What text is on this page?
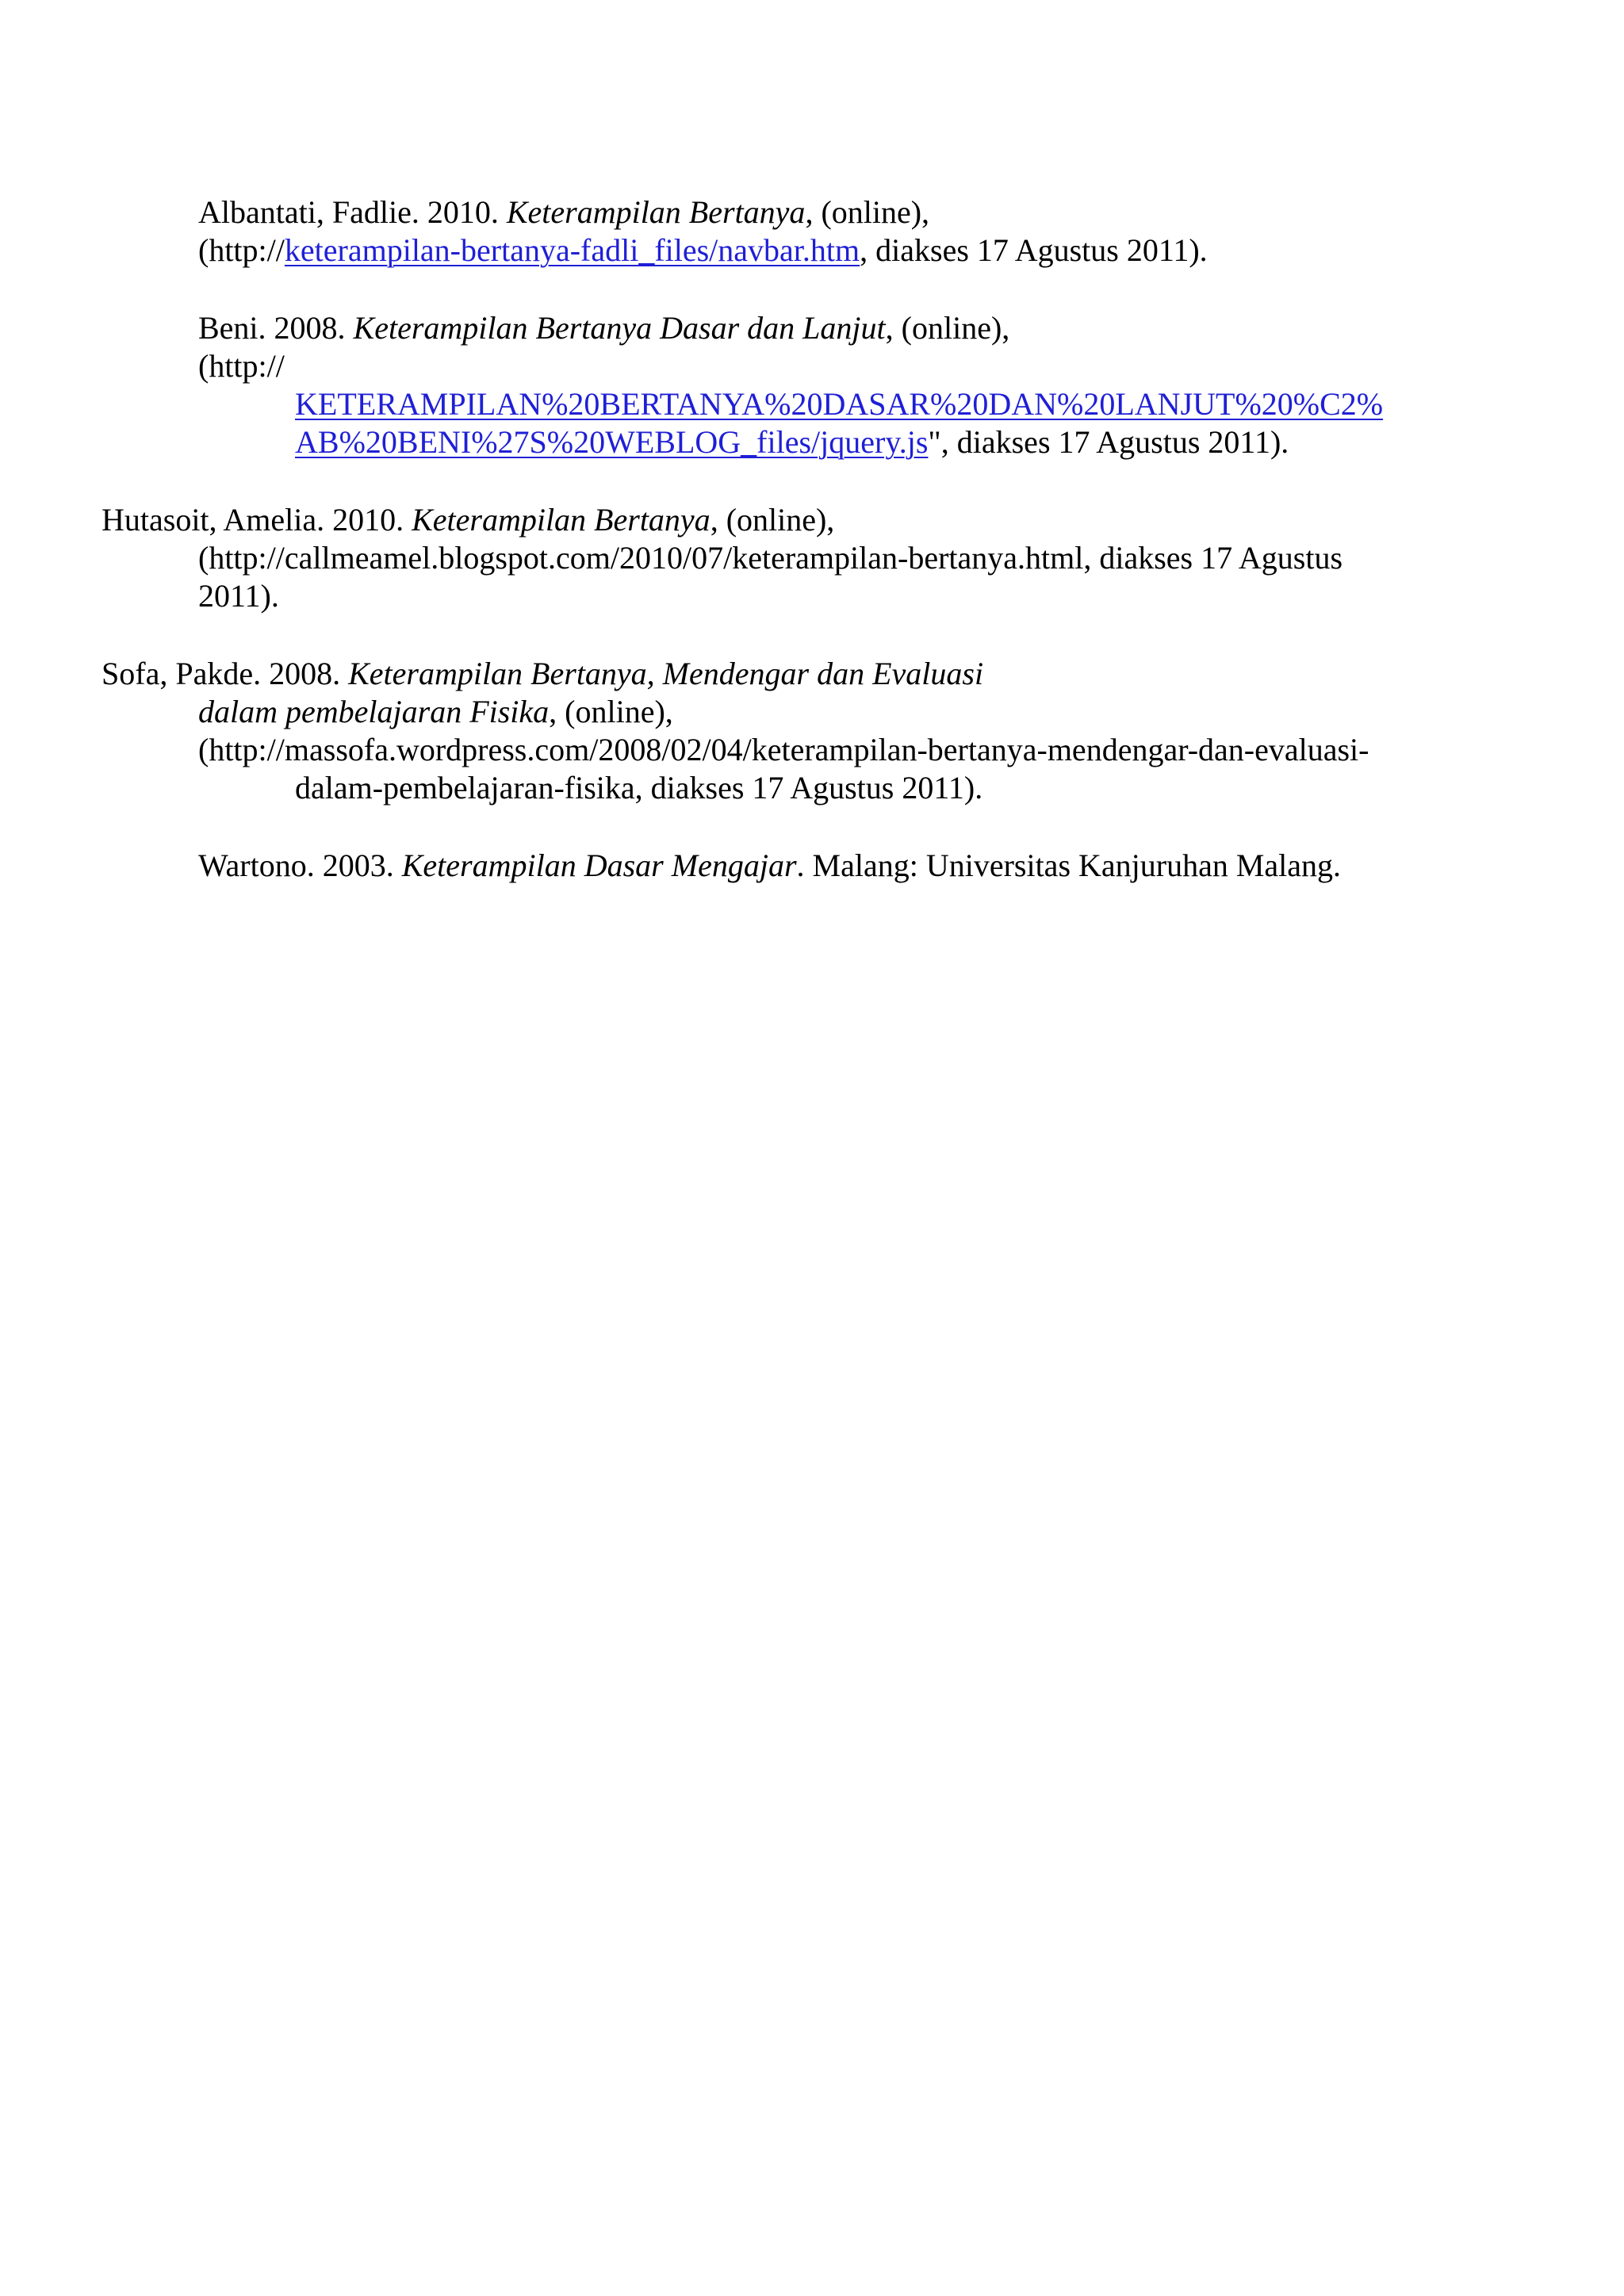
Albantati, Fadlie. 2010. Keterampilan Bertanya, (online),
(http://keterampilan-bertanya-fadli_files/navbar.htm, diakses 17 Agustus 2011).
Beni. 2008. Keterampilan Bertanya Dasar dan Lanjut, (online),
(http://
KETERAMPILAN%20BERTANYA%20DASAR%20DAN%20LANJUT%20%C2%
AB%20BENI%27S%20WEBLOG_files/jquery.js", diakses 17 Agustus 2011).
Hutasoit, Amelia. 2010. Keterampilan Bertanya, (online),
(http://callmeamel.blogspot.com/2010/07/keterampilan-bertanya.html, diakses 17 Agustus
2011).
Sofa, Pakde. 2008. Keterampilan Bertanya, Mendengar dan Evaluasi
dalam pembelajaran Fisika, (online),
(http://massofa.wordpress.com/2008/02/04/keterampilan-bertanya-mendengar-dan-evaluasi-
dalam-pembelajaran-fisika, diakses 17 Agustus 2011).
Wartono. 2003. Keterampilan Dasar Mengajar. Malang: Universitas Kanjuruhan Malang.
